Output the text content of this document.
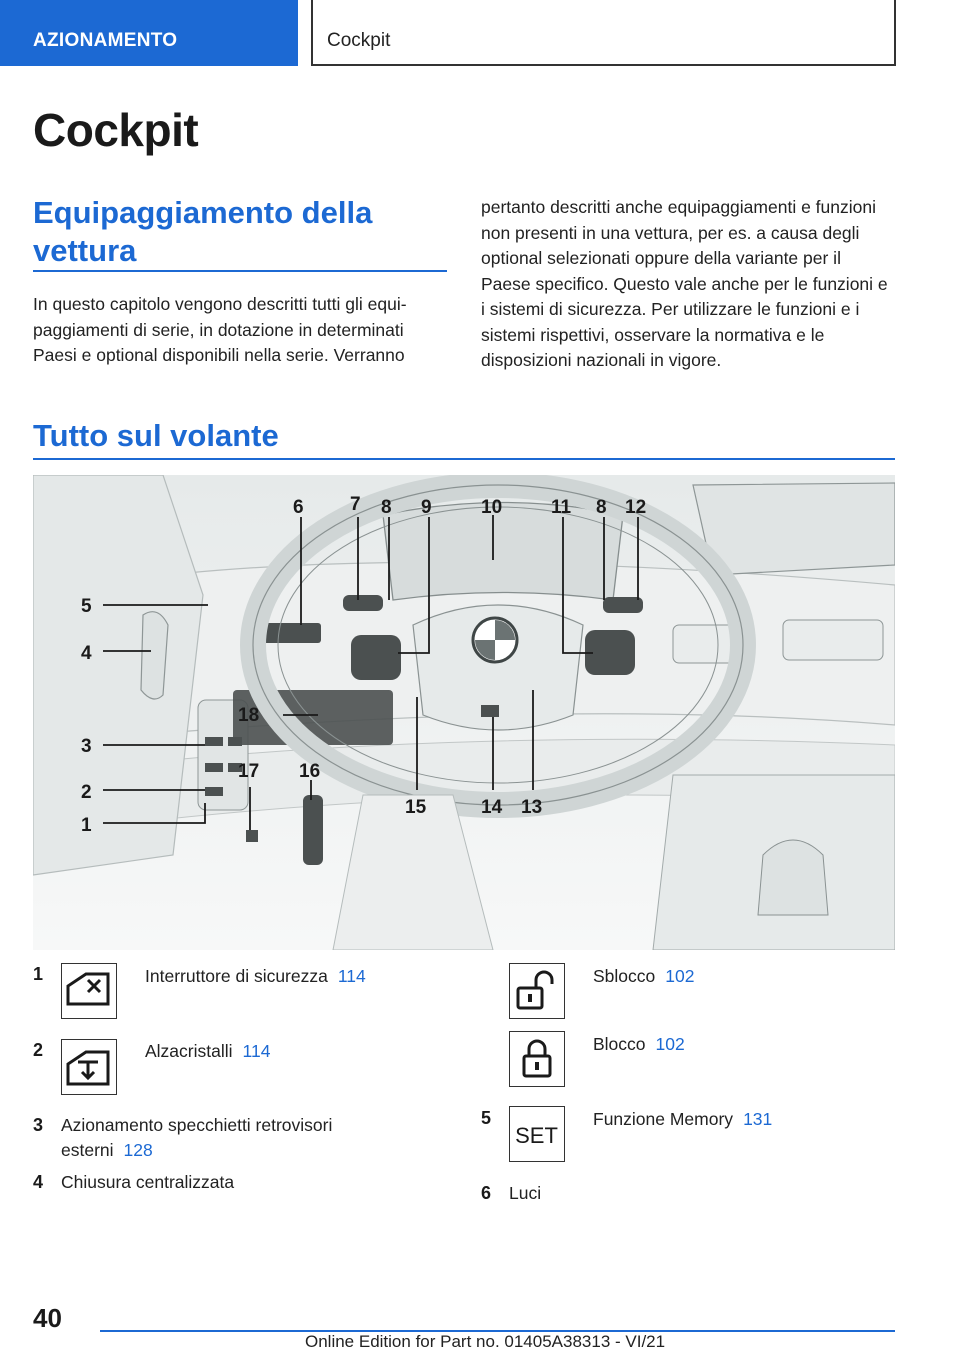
AZIONAMENTO	Cockpit
Cockpit
Equipaggiamento della vettura
In questo capitolo vengono descritti tutti gli equipaggiamenti di serie, in dotazione in determinati Paesi e optional disponibili nella serie. Verranno
pertanto descritti anche equipaggiamenti e funzioni non presenti in una vettura, per es. a causa degli optional selezionati oppure della variante per il Paese specifico. Questo vale anche per le funzioni e i sistemi di sicurezza. Per utilizzare le funzioni e i sistemi rispettivi, osservare la normativa e le disposizioni nazionali in vigore.
Tutto sul volante
6 7 8 9	10	11 8 12
5
4
18
3
17 16
2
1
15	14 13
1	Interruttore di sicurezza 114
2	Alzacristalli 114
3 Azionamento specchietti retrovisori esterni 128
4 Chiusura centralizzata
Sblocco 102
Blocco 102
5
SET
Funzione Memory 131
6 Luci
40
Online Edition for Part no. 01405A38313 - VI/21
